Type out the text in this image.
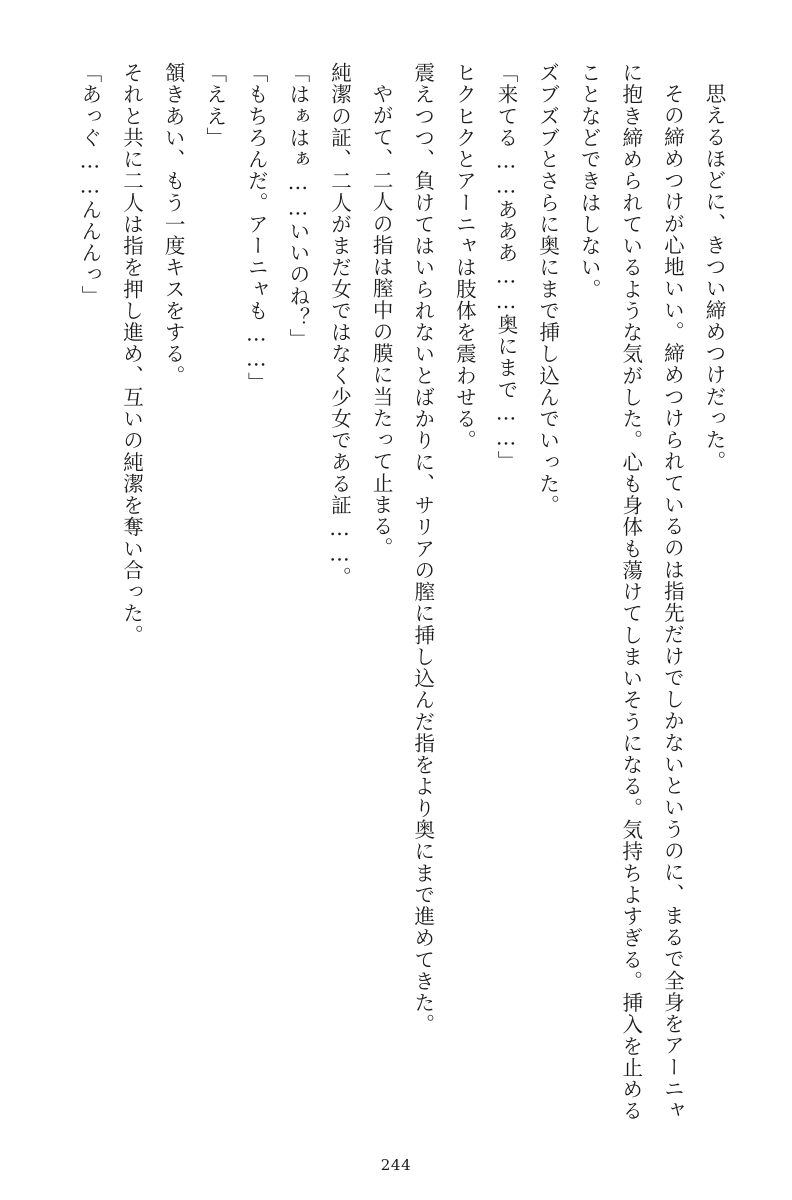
思えるほどに、きつい締めつけだった。

その締めつけが心地いい。締めつけられているのは指先だけでしかないというのに、まるで全身をアーニャに抱き締められているような気がした。心も身体も蕩けてしまいそうになる。気持ちよすぎる。挿入を止めることなどできはしない。

ズブズブとさらに奥にまで挿し込んでいった。

「来てる……あああ……奥にまで……」

ヒクヒクとアーニャは肢体を震わせる。

震えつつ、負けてはいられないとばかりに、サリアの膣に挿し込んだ指をより奥にまで進めてきた。

やがて、二人の指は膣中の膜に当たって止まる。

純潔の証、二人がまだ女ではなく少女である証……。

「はぁはぁ……いいのね？」

「もちろんだ。アーニャも……」

「ええ」

頷きあい、もう一度キスをする。

それと共に二人は指を押し進め、互いの純潔を奪い合った。

「あっぐ……んんんっ」

244
